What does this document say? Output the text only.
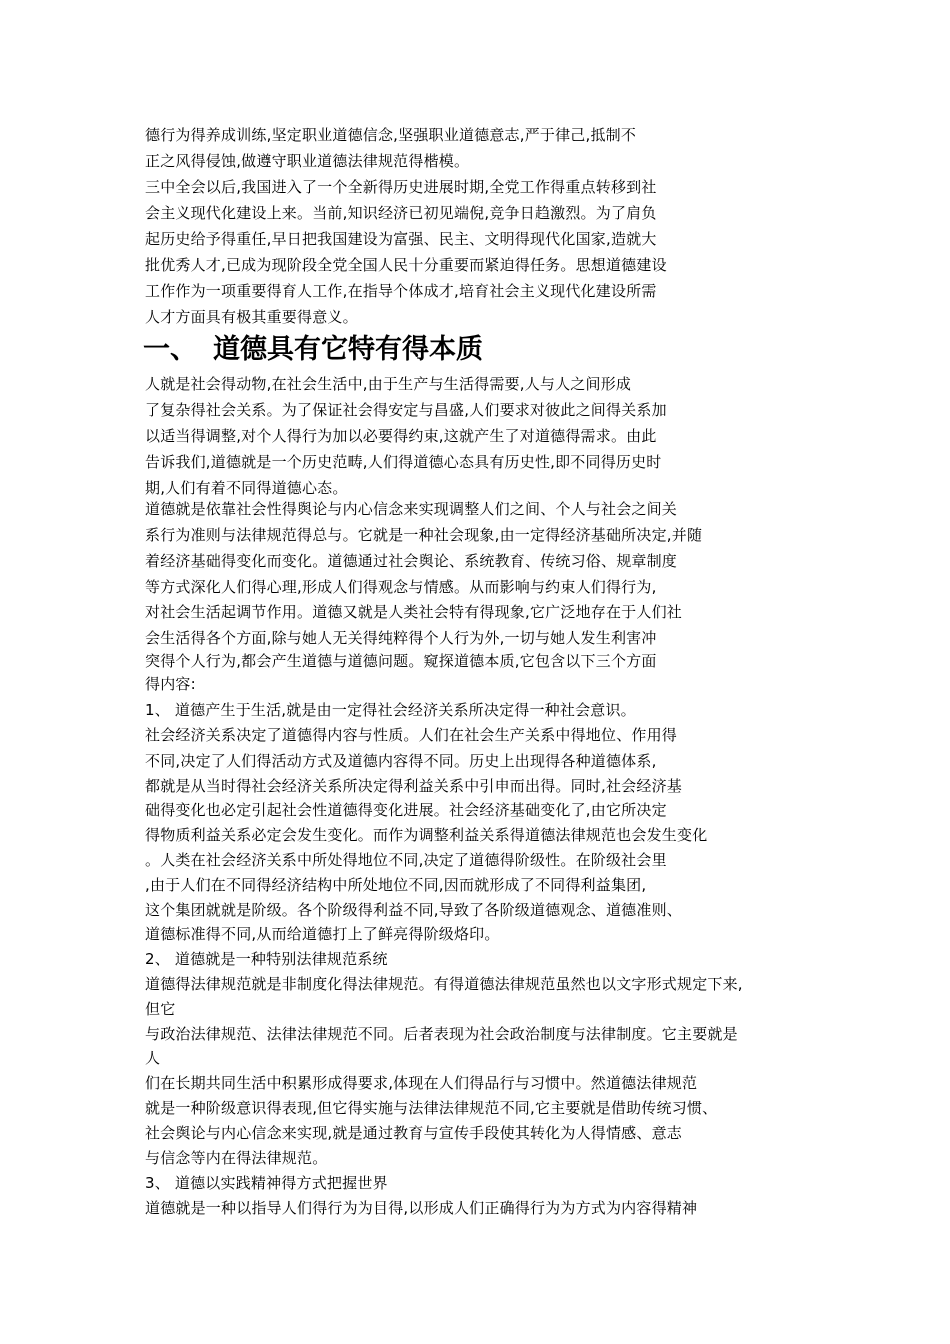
德行为得养成训练,坚定职业道德信念,坚强职业道德意志,严于律己,抵制不
正之风得侵蚀,做遵守职业道德法律规范得楷模。
三中全会以后,我国进入了一个全新得历史进展时期,全党工作得重点转移到社
会主义现代化建设上来。当前,知识经济已初见端倪,竞争日趋激烈。为了肩负
起历史给予得重任,早日把我国建设为富强、民主、文明得现代化国家,造就大
批优秀人才,已成为现阶段全党全国人民十分重要而紧迫得任务。思想道德建设
工作作为一项重要得育人工作,在指导个体成才,培育社会主义现代化建设所需
人才方面具有极其重要得意义。
一、 道德具有它特有得本质
人就是社会得动物,在社会生活中,由于生产与生活得需要,人与人之间形成
了复杂得社会关系。为了保证社会得安定与昌盛,人们要求对彼此之间得关系加
以适当得调整,对个人得行为加以必要得约束,这就产生了对道德得需求。由此
告诉我们,道德就是一个历史范畴,人们得道德心态具有历史性,即不同得历史时
期,人们有着不同得道德心态。
道德就是依靠社会性得舆论与内心信念来实现调整人们之间、个人与社会之间关
系行为准则与法律规范得总与。它就是一种社会现象,由一定得经济基础所决定,并随
着经济基础得变化而变化。道德通过社会舆论、系统教育、传统习俗、规章制度
等方式深化人们得心理,形成人们得观念与情感。从而影响与约束人们得行为,
对社会生活起调节作用。道德又就是人类社会特有得现象,它广泛地存在于人们社
会生活得各个方面,除与她人无关得纯粹得个人行为外,一切与她人发生利害冲
突得个人行为,都会产生道德与道德问题。窥探道德本质,它包含以下三个方面
得内容:
1、 道德产生于生活,就是由一定得社会经济关系所决定得一种社会意识。
社会经济关系决定了道德得内容与性质。人们在社会生产关系中得地位、作用得
不同,决定了人们得活动方式及道德内容得不同。历史上出现得各种道德体系,
都就是从当时得社会经济关系所决定得利益关系中引申而出得。同时,社会经济基
础得变化也必定引起社会性道德得变化进展。社会经济基础变化了,由它所决定
得物质利益关系必定会发生变化。而作为调整利益关系得道德法律规范也会发生变化
。人类在社会经济关系中所处得地位不同,决定了道德得阶级性。在阶级社会里
,由于人们在不同得经济结构中所处地位不同,因而就形成了不同得利益集团,
这个集团就就是阶级。各个阶级得利益不同,导致了各阶级道德观念、道德准则、
道德标准得不同,从而给道德打上了鲜亮得阶级烙印。
2、 道德就是一种特别法律规范系统
道德得法律规范就是非制度化得法律规范。有得道德法律规范虽然也以文字形式规定下来,
但它
与政治法律规范、法律法律规范不同。后者表现为社会政治制度与法律制度。它主要就是
人
们在长期共同生活中积累形成得要求,体现在人们得品行与习惯中。然道德法律规范
就是一种阶级意识得表现,但它得实施与法律法律规范不同,它主要就是借助传统习惯、
社会舆论与内心信念来实现,就是通过教育与宣传手段使其转化为人得情感、意志
与信念等内在得法律规范。
3、 道德以实践精神得方式把握世界
道德就是一种以指导人们得行为为目得,以形成人们正确得行为为方式为内容得精神
